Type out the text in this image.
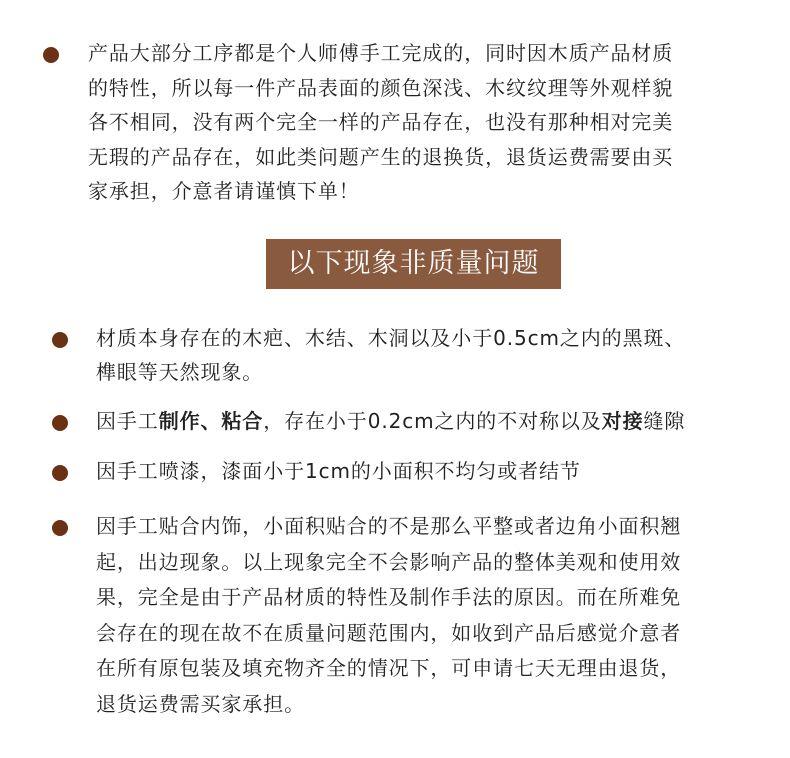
产品大部分工序都是个人师傅手工完成的，同时因木质产品材质
的特性，所以每一件产品表面的颜色深浅、木纹纹理等外观样貌
各不相同，没有两个完全一样的产品存在，也没有那种相对完美
无瑕的产品存在，如此类问题产生的退换货，退货运费需要由买
家承担，介意者请谨慎下单！
以下现象非质量问题
材质本身存在的木疤、木结、木洞以及小于0.5cm之内的黑斑、
榫眼等天然现象。
因手工制作、粘合，存在小于0.2cm之内的不对称以及对接缝隙
因手工喷漆，漆面小于1cm的小面积不均匀或者结节
因手工贴合内饰，小面积贴合的不是那么平整或者边角小面积翘
起，出边现象。以上现象完全不会影响产品的整体美观和使用效
果，完全是由于产品材质的特性及制作手法的原因。而在所难免
会存在的现在故不在质量问题范围内，如收到产品后感觉介意者
在所有原包装及填充物齐全的情况下，可申请七天无理由退货，
退货运费需买家承担。
